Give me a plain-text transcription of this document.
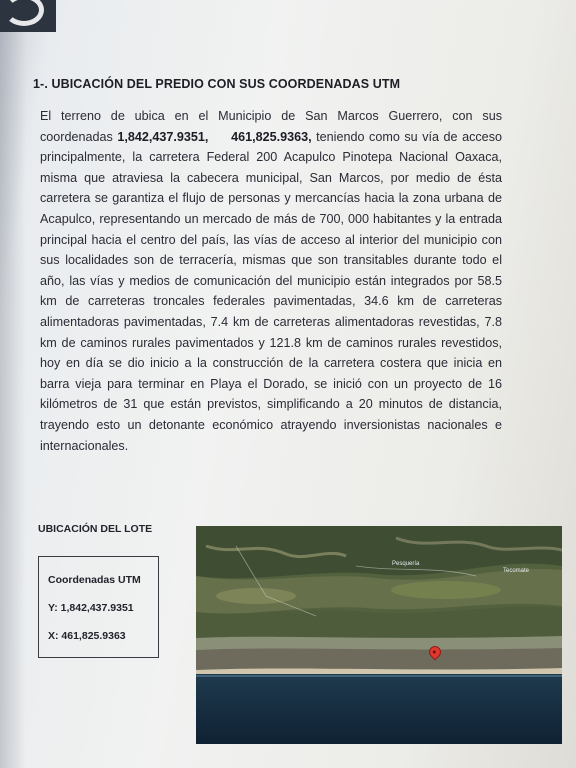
1-. UBICACIÓN DEL PREDIO CON SUS COORDENADAS UTM

El terreno de ubica en el Municipio de San Marcos Guerrero, con sus coordenadas 1,842,437.9351, 461,825.9363, teniendo como su vía de acceso principalmente, la carretera Federal 200 Acapulco Pinotepa Nacional Oaxaca, misma que atraviesa la cabecera municipal, San Marcos, por medio de ésta carretera se garantiza el flujo de personas y mercancías hacia la zona urbana de Acapulco, representando un mercado de más de 700, 000 habitantes y la entrada principal hacia el centro del país, las vías de acceso al interior del municipio con sus localidades son de terracería, mismas que son transitables durante todo el año, las vías y medios de comunicación del municipio están integrados por 58.5 km de carreteras troncales federales pavimentadas, 34.6 km de carreteras alimentadoras pavimentadas, 7.4 km de carreteras alimentadoras revestidas, 7.8 km de caminos rurales pavimentados y 121.8 km de caminos rurales revestidos, hoy en día se dio inicio a la construcción de la carretera costera que inicia en barra vieja para terminar en Playa el Dorado, se inició con un proyecto de 16 kilómetros de 31 que están previstos, simplificando a 20 minutos de distancia, trayendo esto un detonante económico atrayendo inversionistas nacionales e internacionales.

UBICACIÓN DEL LOTE
Coordenadas UTM
Y: 1,842,437.9351
X: 461,825.9363
Pesquería
Tecomate
